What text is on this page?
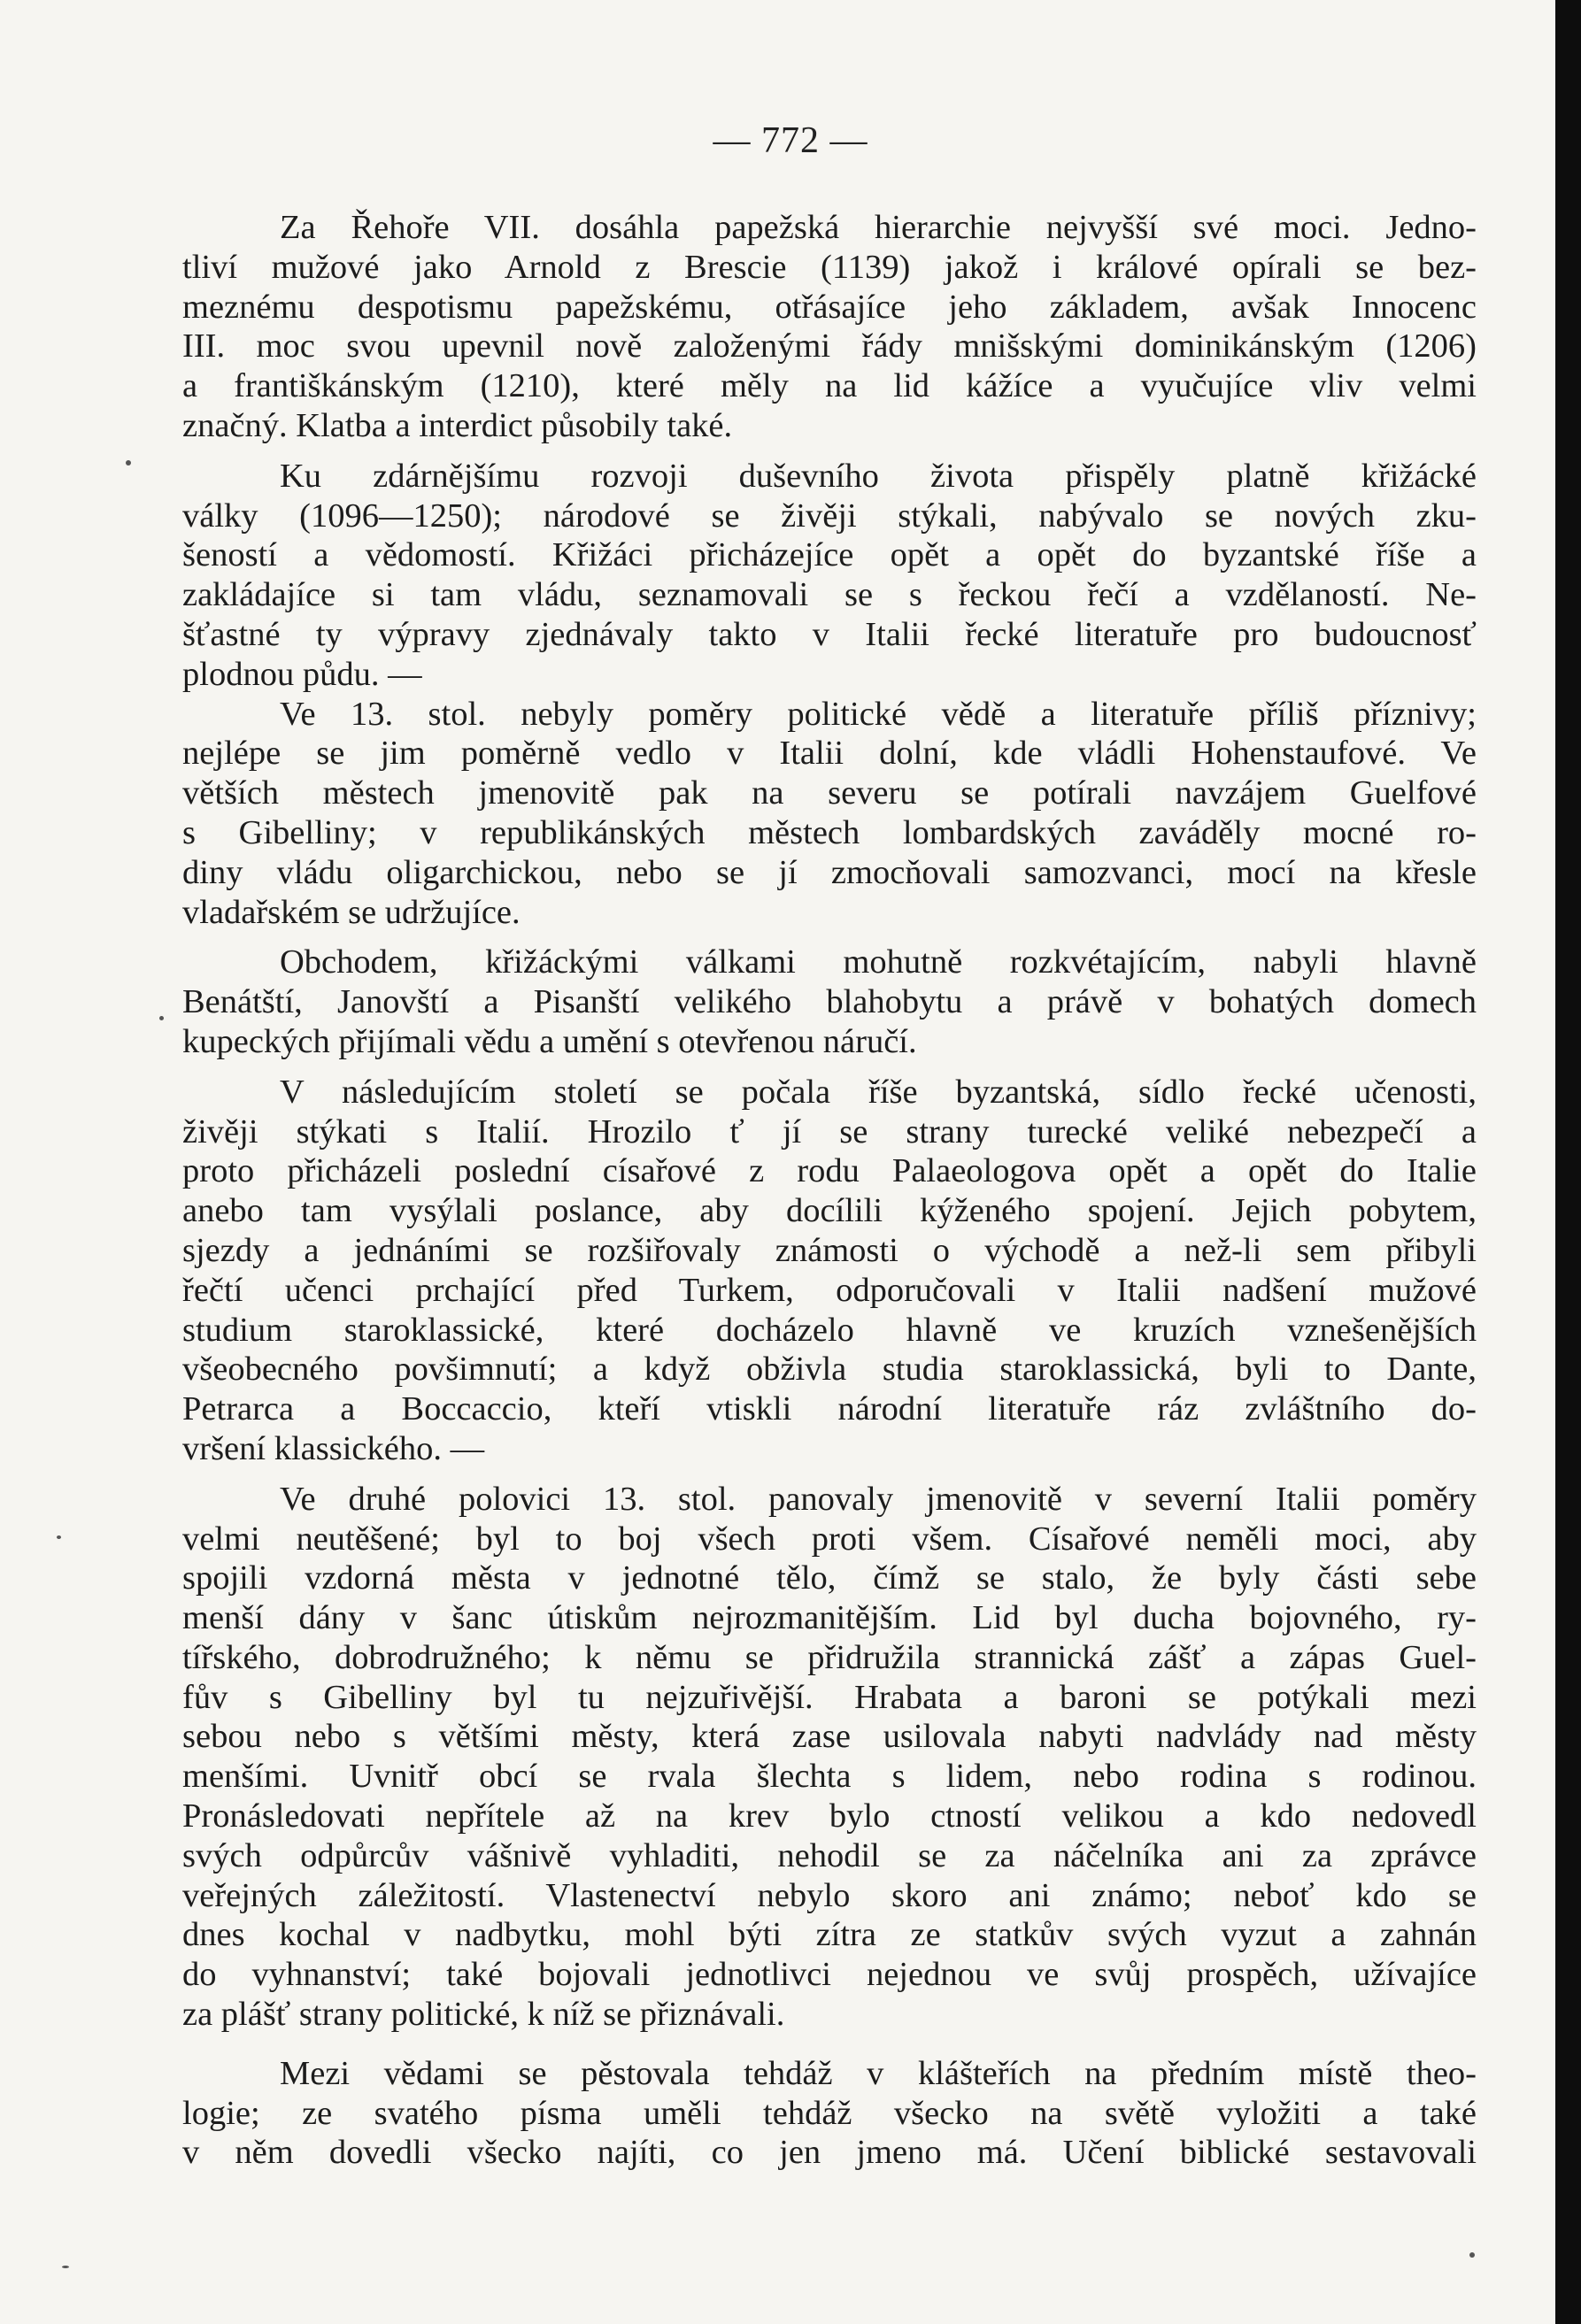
— 772 —
Za Řehoře VII. dosáhla papežská hierarchie nejvyšší své moci. Jedno-
tliví mužové jako Arnold z Brescie (1139) jakož i králové opírali se bez-
meznému despotismu papežskému, otřásajíce jeho základem, avšak Innocenc
III. moc svou upevnil nově založenými řády mnišskými dominikánským (1206)
a františkánským (1210), které měly na lid kážíce a vyučujíce vliv velmi
značný. Klatba a interdict působily také.
Ku zdárnějšímu rozvoji duševního života přispěly platně křižácké
války (1096—1250); národové se živěji stýkali, nabývalo se nových zku-
šeností a vědomostí. Křižáci přicházejíce opět a opět do byzantské říše a
zakládajíce si tam vládu, seznamovali se s řeckou řečí a vzdělaností. Ne-
šťastné ty výpravy zjednávaly takto v Italii řecké literatuře pro budoucnosť
plodnou půdu. —
Ve 13. stol. nebyly poměry politické vědě a literatuře příliš příznivy;
nejlépe se jim poměrně vedlo v Italii dolní, kde vládli Hohenstaufové. Ve
větších městech jmenovitě pak na severu se potírali navzájem Guelfové
s Gibelliny; v republikánských městech lombardských zaváděly mocné ro-
diny vládu oligarchickou, nebo se jí zmocňovali samozvanci, mocí na křesle
vladařském se udržujíce.
Obchodem, křižáckými válkami mohutně rozkvétajícím, nabyli hlavně
Benátští, Janovští a Pisanští velikého blahobytu a právě v bohatých domech
kupeckých přijímali vědu a umění s otevřenou náručí.
V následujícím století se počala říše byzantská, sídlo řecké učenosti,
živěji stýkati s Italií. Hrozilo ť jí se strany turecké veliké nebezpečí a
proto přicházeli poslední císařové z rodu Palaeologova opět a opět do Italie
anebo tam vysýlali poslance, aby docílili kýženého spojení. Jejich pobytem,
sjezdy a jednáními se rozšiřovaly známosti o východě a než-li sem přibyli
řečtí učenci prchající před Turkem, odporučovali v Italii nadšení mužové
studium staroklassické, které docházelo hlavně ve kruzích vznešenějších
všeobecného povšimnutí; a když obživla studia staroklassická, byli to Dante,
Petrarca a Boccaccio, kteří vtiskli národní literatuře ráz zvláštního do-
vršení klassického. —
Ve druhé polovici 13. stol. panovaly jmenovitě v severní Italii poměry
velmi neutěšené; byl to boj všech proti všem. Císařové neměli moci, aby
spojili vzdorná města v jednotné tělo, čímž se stalo, že byly části sebe
menší dány v šanc útiskům nejrozmanitějším. Lid byl ducha bojovného, ry-
tířského, dobrodružného; k němu se přidružila strannická zášť a zápas Guel-
fův s Gibelliny byl tu nejzuřivější. Hrabata a baroni se potýkali mezi
sebou nebo s většími městy, která zase usilovala nabyti nadvlády nad městy
menšími. Uvnitř obcí se rvala šlechta s lidem, nebo rodina s rodinou.
Pronásledovati nepřítele až na krev bylo ctností velikou a kdo nedovedl
svých odpůrcův vášnivě vyhladiti, nehodil se za náčelníka ani za zprávce
veřejných záležitostí. Vlastenectví nebylo skoro ani známo; neboť kdo se
dnes kochal v nadbytku, mohl býti zítra ze statkův svých vyzut a zahnán
do vyhnanství; také bojovali jednotlivci nejednou ve svůj prospěch, užívajíce
za plášť strany politické, k níž se přiznávali.
Mezi vědami se pěstovala tehdáž v klášteřích na předním místě theo-
logie; ze svatého písma uměli tehdáž všecko na světě vyložiti a také
v něm dovedli všecko najíti, co jen jmeno má. Učení biblické sestavovali
